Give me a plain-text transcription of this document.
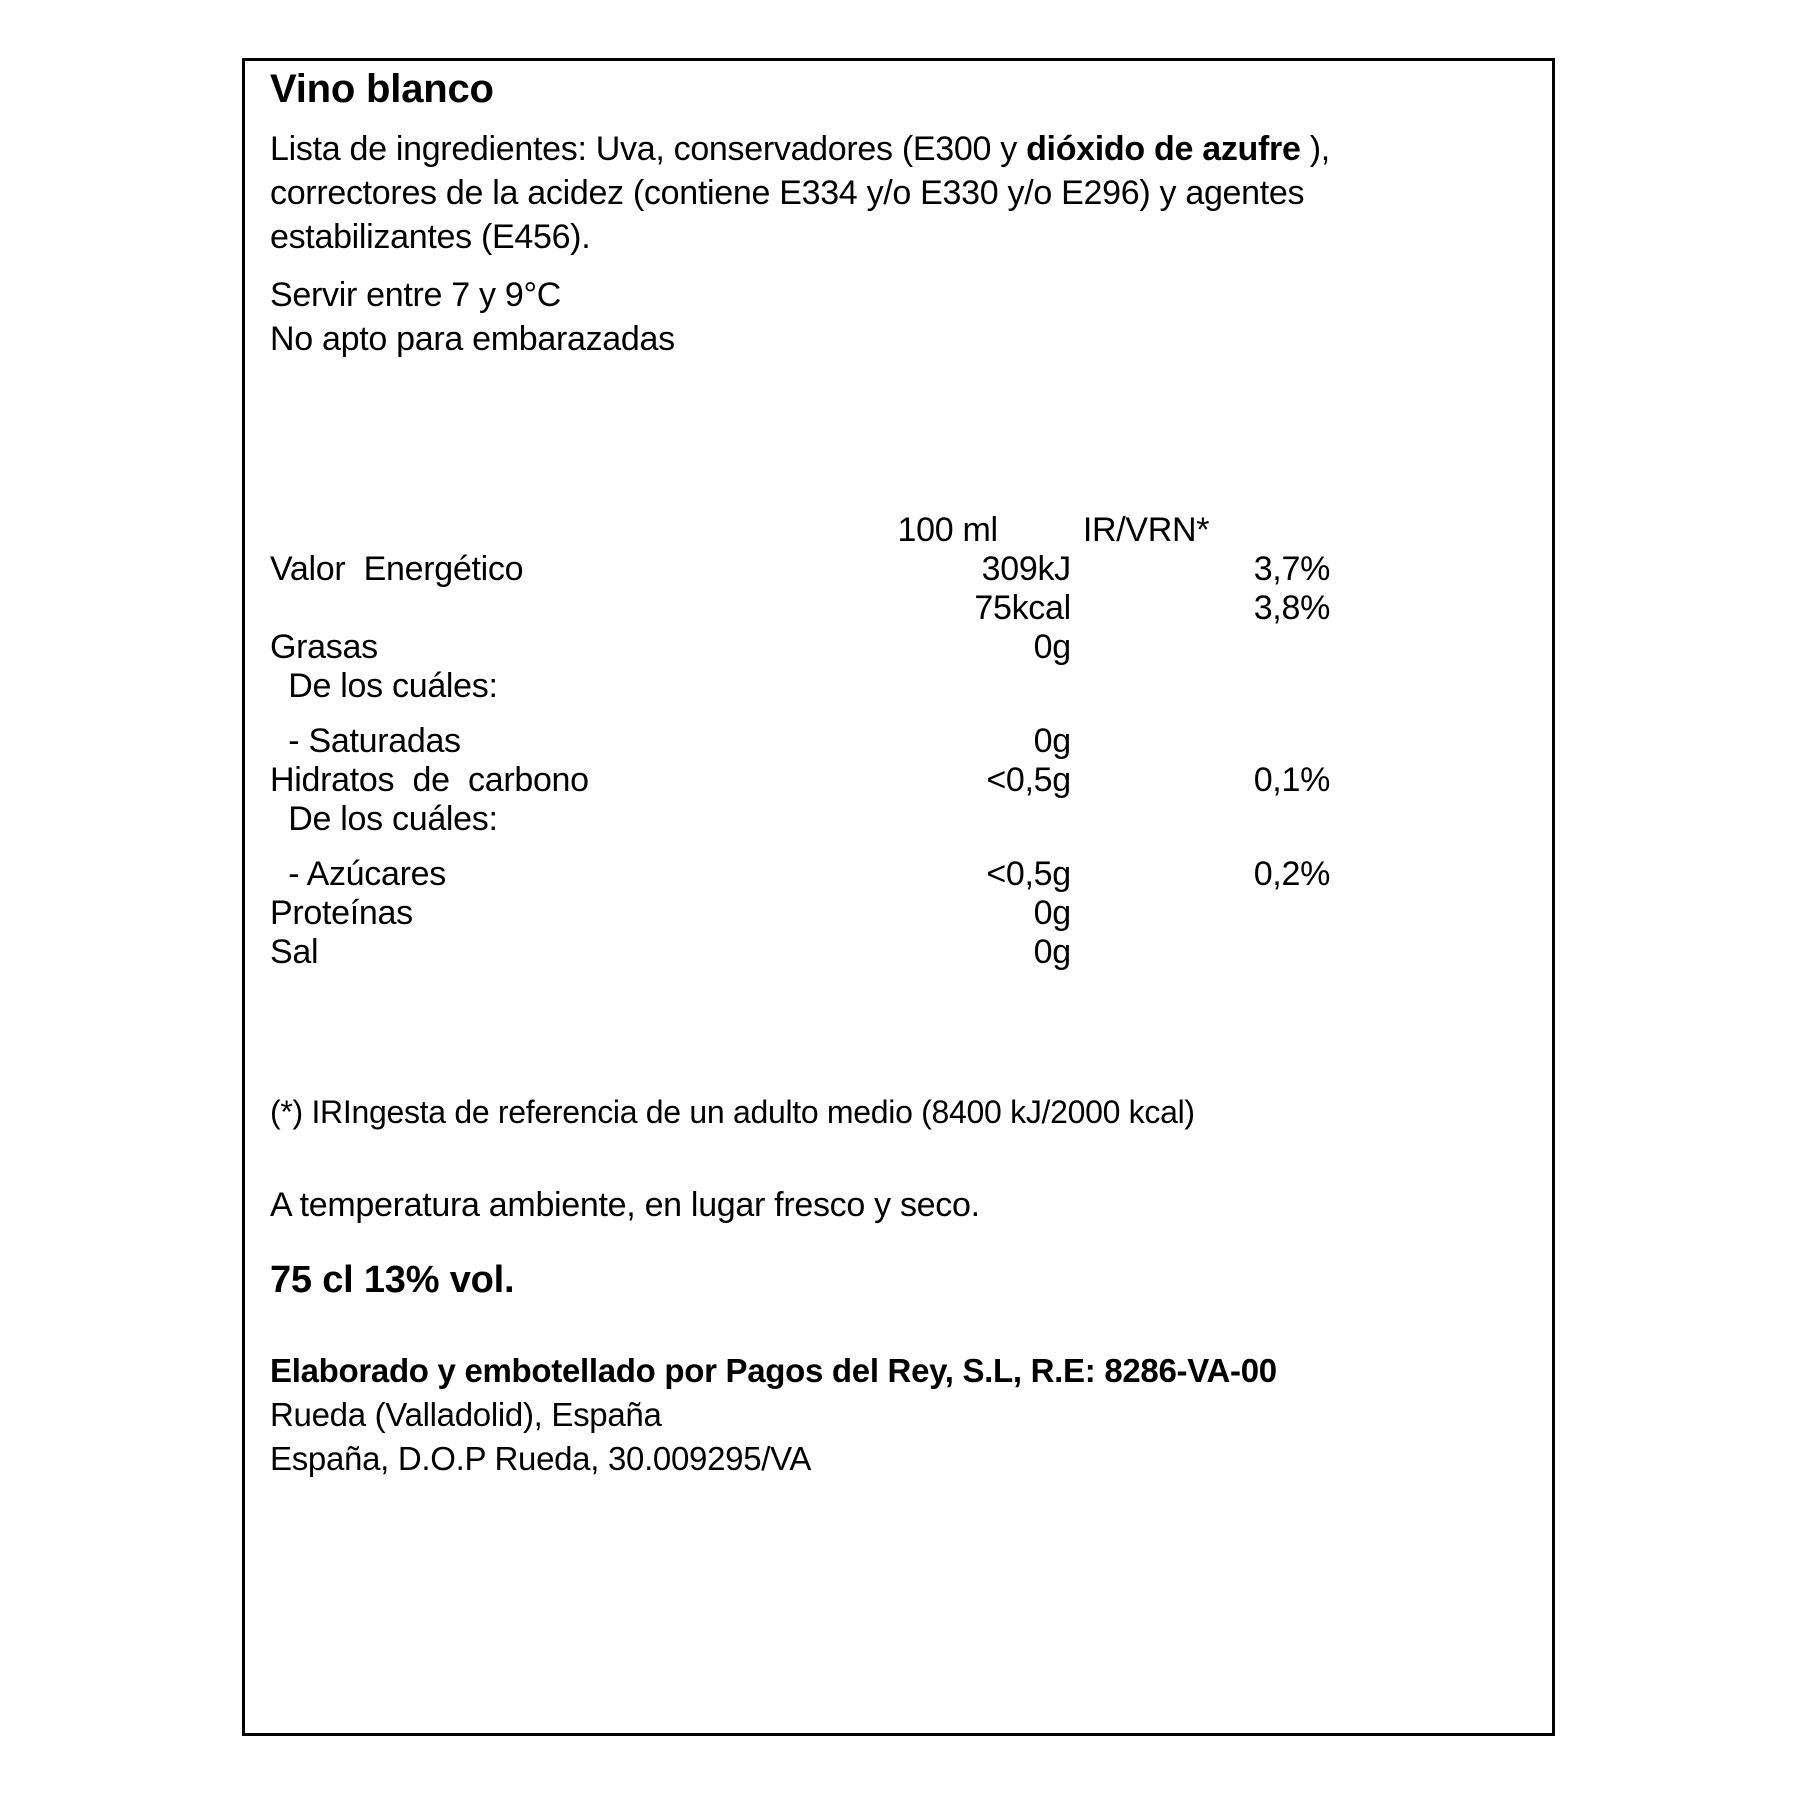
Vino blanco
Lista de ingredientes: Uva, conservadores (E300 y dióxido de azufre ),
correctores de la acidez (contiene E334 y/o E330 y/o E296) y agentes
estabilizantes (E456).
Servir entre 7 y 9°C
No apto para embarazadas
	100 ml	IR/VRN*
Valor  Energético	309kJ	3,7%
	75kcal	3,8%
Grasas	0g	
De los cuáles:		

- Saturadas	0g	
Hidratos  de  carbono	<0,5g	0,1%
De los cuáles:		

- Azúcares	<0,5g	0,2%
Proteínas	0g	
Sal	0g	
(*) IRIngesta de referencia de un adulto medio (8400 kJ/2000 kcal)
A temperatura ambiente, en lugar fresco y seco.
75 cl 13% vol.
Elaborado y embotellado por Pagos del Rey, S.L, R.E: 8286-VA-00
Rueda (Valladolid), España
España, D.O.P Rueda, 30.009295/VA
